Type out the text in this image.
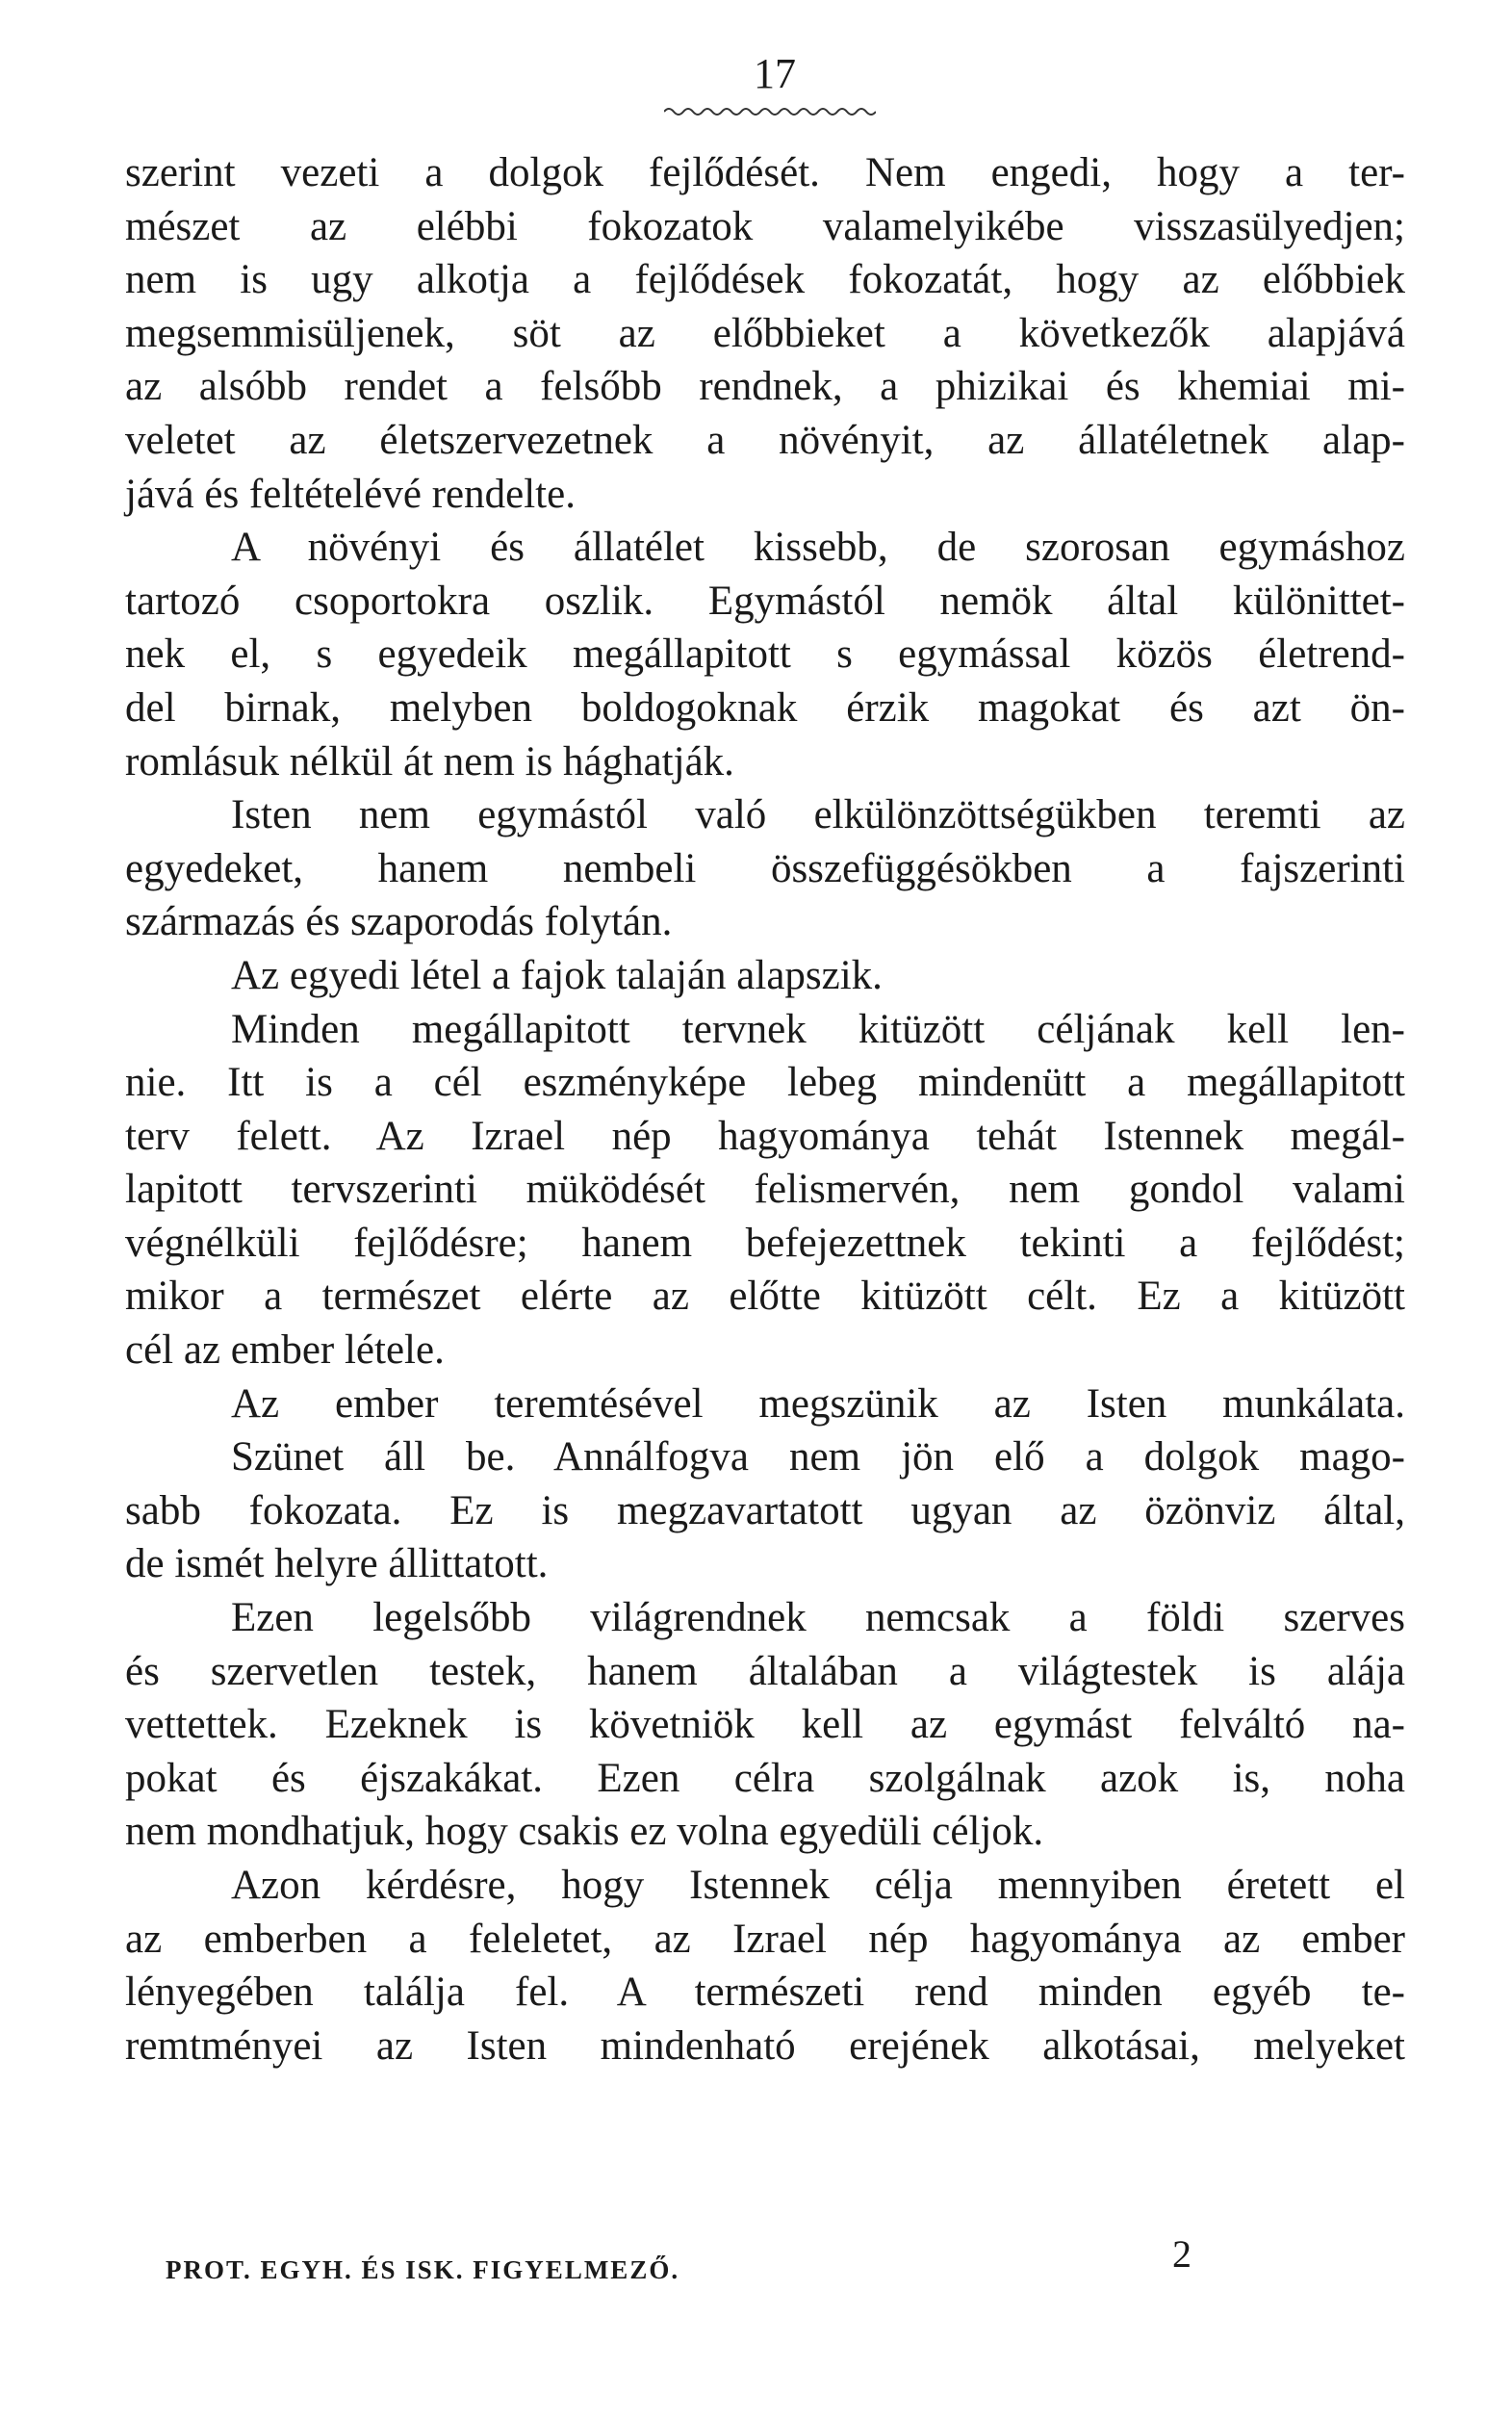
17
szerint vezeti a dolgok fejlődését. Nem engedi, hogy a ter-
mészet az elébbi fokozatok valamelyikébe visszasülyedjen;
nem is ugy alkotja a fejlődések fokozatát, hogy az előbbiek
megsemmisüljenek, söt az előbbieket a következők alapjává
az alsóbb rendet a felsőbb rendnek, a phizikai és khemiai mi-
veletet az életszervezetnek a növényit, az állatéletnek alap-
jává és feltételévé rendelte.
A növényi és állatélet kissebb, de szorosan egymáshoz
tartozó csoportokra oszlik. Egymástól nemök által különittet-
nek el, s egyedeik megállapitott s egymással közös életrend-
del birnak, melyben boldogoknak érzik magokat és azt ön-
romlásuk nélkül át nem is hághatják.
Isten nem egymástól való elkülönzöttségükben teremti az
egyedeket, hanem nembeli összefüggésökben a fajszerinti
származás és szaporodás folytán.
Az egyedi létel a fajok talaján alapszik.
Minden megállapitott tervnek kitüzött céljának kell len-
nie. Itt is a cél eszményképe lebeg mindenütt a megállapitott
terv felett. Az Izrael nép hagyománya tehát Istennek megál-
lapitott tervszerinti müködését felismervén, nem gondol valami
végnélküli fejlődésre; hanem befejezettnek tekinti a fejlődést;
mikor a természet elérte az előtte kitüzött célt. Ez a kitüzött
cél az ember létele.
Az ember teremtésével megszünik az Isten munkálata.
Szünet áll be. Annálfogva nem jön elő a dolgok mago-
sabb fokozata. Ez is megzavartatott ugyan az özönviz által,
de ismét helyre állittatott.
Ezen legelsőbb világrendnek nemcsak a földi szerves
és szervetlen testek, hanem általában a világtestek is alája
vettettek. Ezeknek is követniök kell az egymást felváltó na-
pokat és éjszakákat. Ezen célra szolgálnak azok is, noha
nem mondhatjuk, hogy csakis ez volna egyedüli céljok.
Azon kérdésre, hogy Istennek célja mennyiben éretett el
az emberben a feleletet, az Izrael nép hagyománya az ember
lényegében találja fel. A természeti rend minden egyéb te-
remtményei az Isten mindenható erejének alkotásai, melyeket
PROT. EGYH. ÉS ISK. FIGYELMEZŐ.	2
